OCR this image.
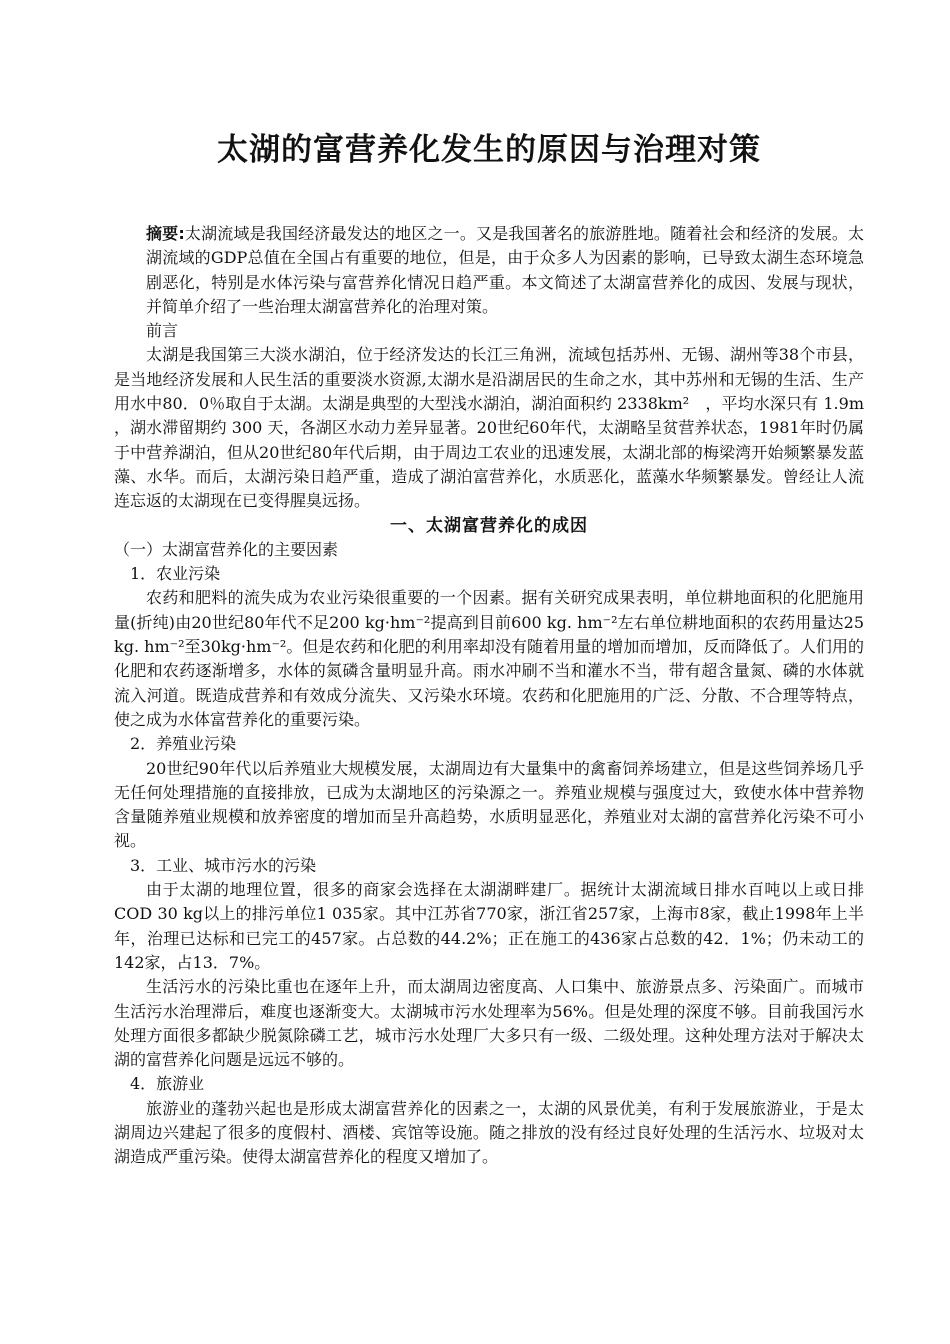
太湖的富营养化发生的原因与治理对策

摘要:太湖流域是我国经济最发达的地区之一。又是我国著名的旅游胜地。随着社会和经济的发展。太湖流域的GDP总值在全国占有重要的地位，但是，由于众多人为因素的影响，已导致太湖生态环境急剧恶化，特别是水体污染与富营养化情况日趋严重。本文简述了太湖富营养化的成因、发展与现状，并简单介绍了一些治理太湖富营养化的治理对策。

前言

太湖是我国第三大淡水湖泊，位于经济发达的长江三角洲，流域包括苏州、无锡、湖州等38个市县，是当地经济发展和人民生活的重要淡水资源,太湖水是沿湖居民的生命之水，其中苏州和无锡的生活、生产用水中80．0％取自于太湖。太湖是典型的大型浅水湖泊，湖泊面积约 2338km²　，平均水深只有 1.9m ，湖水滞留期约 300 天，各湖区水动力差异显著。20世纪60年代，太湖略呈贫营养状态，1981年时仍属于中营养湖泊，但从20世纪80年代后期，由于周边工农业的迅速发展，太湖北部的梅梁湾开始频繁暴发蓝藻、水华。而后，太湖污染日趋严重，造成了湖泊富营养化，水质恶化，蓝藻水华频繁暴发。曾经让人流连忘返的太湖现在已变得腥臭远扬。

一、太湖富营养化的成因

（一）太湖富营养化的主要因素

1．农业污染

农药和肥料的流失成为农业污染很重要的一个因素。据有关研究成果表明，单位耕地面积的化肥施用量(折纯)由20世纪80年代不足200 kg·hm⁻²提高到目前600 kg. hm⁻²左右单位耕地面积的农药用量达25 kg. hm⁻²至30kg·hm⁻²。但是农药和化肥的利用率却没有随着用量的增加而增加，反而降低了。人们用的化肥和农药逐渐增多，水体的氮磷含量明显升高。雨水冲刷不当和灌水不当，带有超含量氮、磷的水体就流入河道。既造成营养和有效成分流失、又污染水环境。农药和化肥施用的广泛、分散、不合理等特点，使之成为水体富营养化的重要污染。

2．养殖业污染

20世纪90年代以后养殖业大规模发展，太湖周边有大量集中的禽畜饲养场建立，但是这些饲养场几乎无任何处理措施的直接排放，已成为太湖地区的污染源之一。养殖业规模与强度过大，致使水体中营养物含量随养殖业规模和放养密度的增加而呈升高趋势，水质明显恶化，养殖业对太湖的富营养化污染不可小视。

3．工业、城市污水的污染

由于太湖的地理位置，很多的商家会选择在太湖湖畔建厂。据统计太湖流域日排水百吨以上或日排COD 30 kg以上的排污单位1 035家。其中江苏省770家，浙江省257家，上海市8家，截止1998年上半年，治理已达标和已完工的457家。占总数的44.2%；正在施工的436家占总数的42．1%；仍未动工的142家，占13．7%。

生活污水的污染比重也在逐年上升，而太湖周边密度高、人口集中、旅游景点多、污染面广。而城市生活污水治理滞后，难度也逐渐变大。太湖城市污水处理率为56%。但是处理的深度不够。目前我国污水处理方面很多都缺少脱氮除磷工艺，城市污水处理厂大多只有一级、二级处理。这种处理方法对于解决太湖的富营养化问题是远远不够的。

4．旅游业

旅游业的蓬勃兴起也是形成太湖富营养化的因素之一，太湖的风景优美，有利于发展旅游业，于是太湖周边兴建起了很多的度假村、酒楼、宾馆等设施。随之排放的没有经过良好处理的生活污水、垃圾对太湖造成严重污染。使得太湖富营养化的程度又增加了。
